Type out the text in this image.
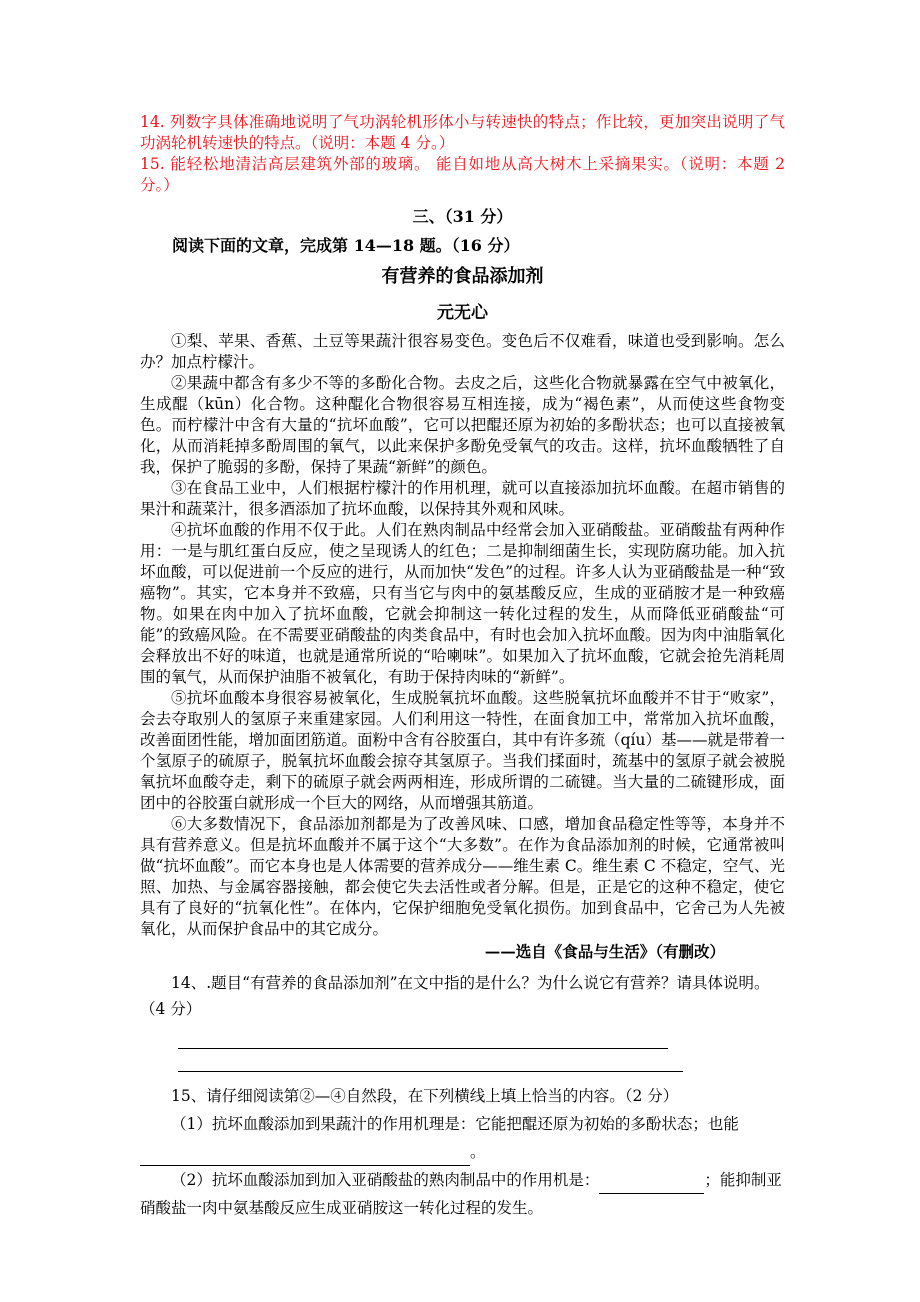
14. 列数字具体准确地说明了气功涡轮机形体小与转速快的特点；作比较，更加突出说明了气功涡轮机转速快的特点。（说明：本题 4 分。）

15. 能轻松地清洁高层建筑外部的玻璃。 能自如地从高大树木上采摘果实。（说明：本题 2 分。）

三、（31 分）
阅读下面的文章，完成第 14—18 题。（16 分）
有营养的食品添加剂
元无心

①梨、苹果、香蕉、土豆等果蔬汁很容易变色。变色后不仅难看，味道也受到影响。怎么办？加点柠檬汁。

②果蔬中都含有多少不等的多酚化合物。去皮之后，这些化合物就暴露在空气中被氧化，生成醌（kūn）化合物。这种醌化合物很容易互相连接，成为“褐色素”，从而使这些食物变色。而柠檬汁中含有大量的“抗坏血酸”，它可以把醌还原为初始的多酚状态；也可以直接被氧化，从而消耗掉多酚周围的氧气，以此来保护多酚免受氧气的攻击。这样，抗坏血酸牺牲了自我，保护了脆弱的多酚，保持了果蔬“新鲜”的颜色。

③在食品工业中，人们根据柠檬汁的作用机理，就可以直接添加抗坏血酸。在超市销售的果汁和蔬菜汁，很多酒添加了抗坏血酸，以保持其外观和风味。

④抗坏血酸的作用不仅于此。人们在熟肉制品中经常会加入亚硝酸盐。亚硝酸盐有两种作用：一是与肌红蛋白反应，使之呈现诱人的红色；二是抑制细菌生长，实现防腐功能。加入抗坏血酸，可以促进前一个反应的进行，从而加快“发色”的过程。许多人认为亚硝酸盐是一种“致癌物”。其实，它本身并不致癌，只有当它与肉中的氨基酸反应，生成的亚硝胺才是一种致癌物。如果在肉中加入了抗坏血酸，它就会抑制这一转化过程的发生，从而降低亚硝酸盐“可能”的致癌风险。在不需要亚硝酸盐的肉类食品中，有时也会加入抗坏血酸。因为肉中油脂氧化会释放出不好的味道，也就是通常所说的“哈喇味”。如果加入了抗坏血酸，它就会抢先消耗周围的氧气，从而保护油脂不被氧化，有助于保持肉味的“新鲜”。

⑤抗坏血酸本身很容易被氧化，生成脱氧抗坏血酸。这些脱氧抗坏血酸并不甘于“败家”，会去夺取别人的氢原子来重建家园。人们利用这一特性，在面食加工中，常常加入抗坏血酸，改善面团性能，增加面团筋道。面粉中含有谷胶蛋白，其中有许多巯（qíu）基——就是带着一个氢原子的硫原子，脱氧抗坏血酸会掠夺其氢原子。当我们揉面时，巯基中的氢原子就会被脱氧抗坏血酸夺走，剩下的硫原子就会两两相连，形成所谓的二硫键。当大量的二硫键形成，面团中的谷胶蛋白就形成一个巨大的网络，从而增强其筋道。

⑥大多数情况下，食品添加剂都是为了改善风味、口感，增加食品稳定性等等，本身并不具有营养意义。但是抗坏血酸并不属于这个“大多数”。在作为食品添加剂的时候，它通常被叫做“抗坏血酸”。而它本身也是人体需要的营养成分——维生素 C。维生素 C 不稳定，空气、光照、加热、与金属容器接触，都会使它失去活性或者分解。但是，正是它的这种不稳定，使它具有了良好的“抗氧化性”。在体内，它保护细胞免受氧化损伤。加到食品中，它舍己为人先被氧化，从而保护食品中的其它成分。

——选自《食品与生活》（有删改）

14、.题目“有营养的食品添加剂”在文中指的是什么？为什么说它有营养？请具体说明。（4 分）

15、请仔细阅读第②—④自然段，在下列横线上填上恰当的内容。（2 分）

（1）抗坏血酸添加到果蔬汁的作用机理是：它能把醌还原为初始的多酚状态；也能。

（2）抗坏血酸添加到加入亚硝酸盐的熟肉制品中的作用机是：	；能抑制亚硝酸盐一肉中氨基酸反应生成亚硝胺这一转化过程的发生。
